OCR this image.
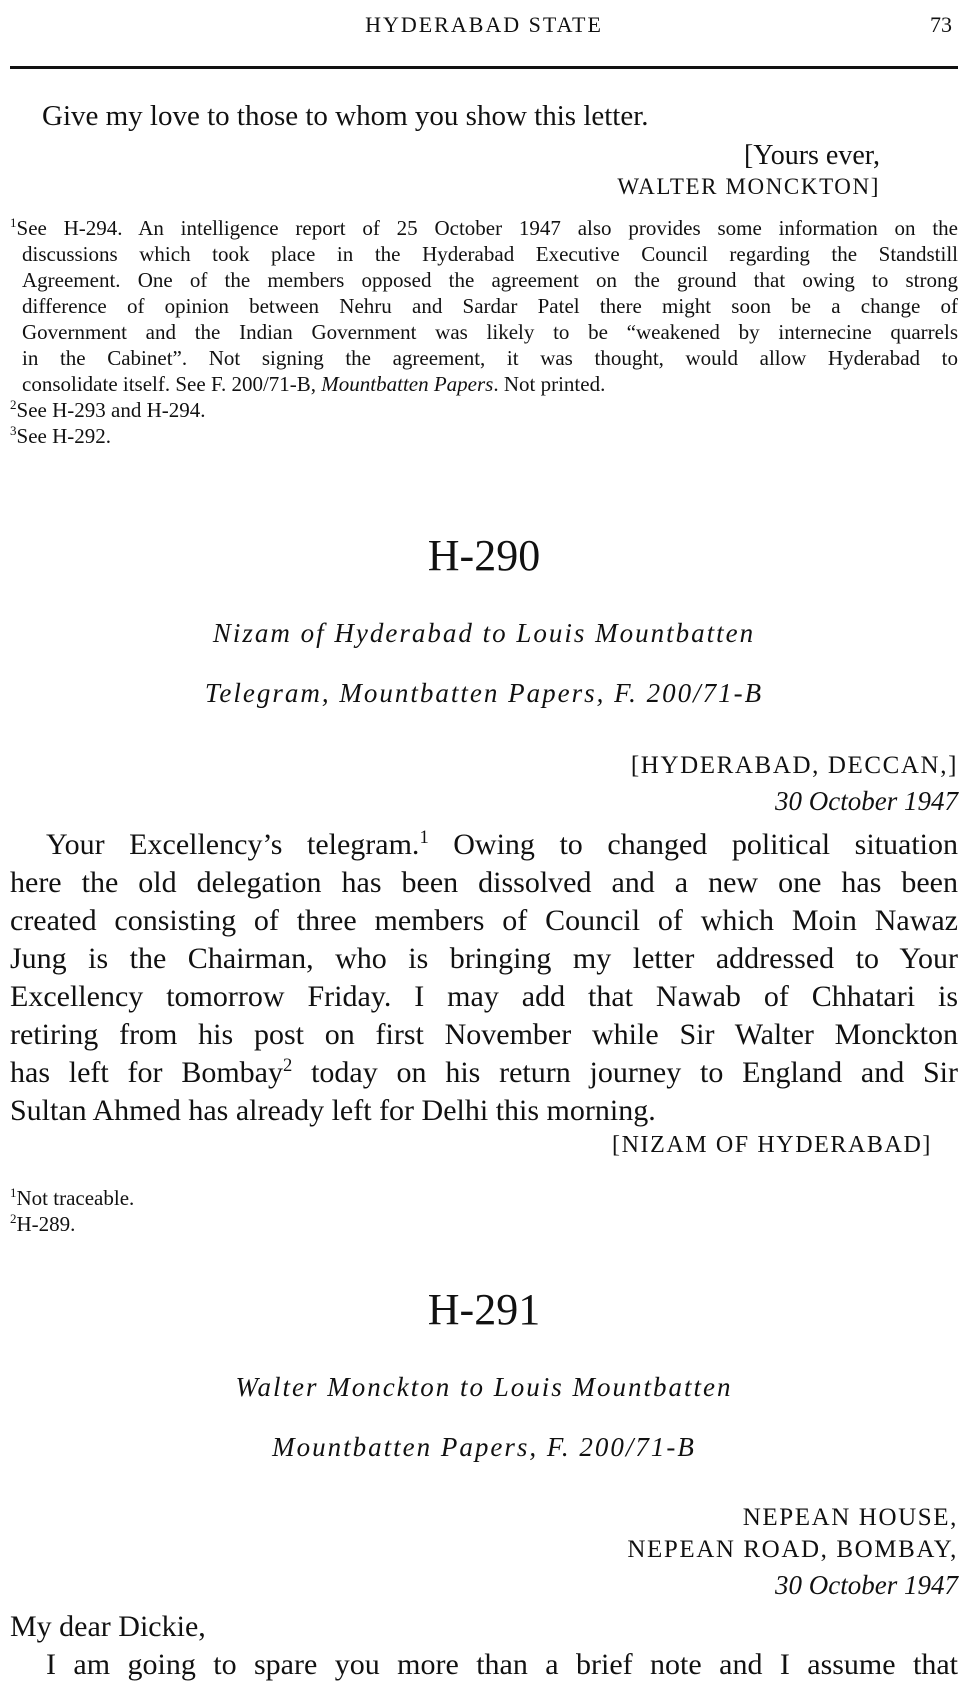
HYDERABAD STATE	73
Give my love to those to whom you show this letter.
[Yours ever,
WALTER MONCKTON]
$^1$See H-294. An intelligence report of 25 October 1947 also provides some information on the
discussions which took place in the Hyderabad Executive Council regarding the Standstill
Agreement. One of the members opposed the agreement on the ground that owing to strong
difference of opinion between Nehru and Sardar Patel there might soon be a change of
Government and the Indian Government was likely to be “weakened by internecine quarrels
in the Cabinet”. Not signing the agreement, it was thought, would allow Hyderabad to
consolidate itself. See F. 200/71-B, Mountbatten Papers. Not printed.
$^2$See H-293 and H-294.
$^3$See H-292.
H-290
Nizam of Hyderabad to Louis Mountbatten
Telegram, Mountbatten Papers, F. 200/71-B
[HYDERABAD, DECCAN,]
30 October 1947
Your Excellency’s telegram.$^1$ Owing to changed political situation
here the old delegation has been dissolved and a new one has been
created consisting of three members of Council of which Moin Nawaz
Jung is the Chairman, who is bringing my letter addressed to Your
Excellency tomorrow Friday. I may add that Nawab of Chhatari is
retiring from his post on first November while Sir Walter Monckton
has left for Bombay$^2$ today on his return journey to England and Sir
Sultan Ahmed has already left for Delhi this morning.
[NIZAM OF HYDERABAD]
$^1$Not traceable.
$^2$H-289.
H-291
Walter Monckton to Louis Mountbatten
Mountbatten Papers, F. 200/71-B
NEPEAN HOUSE,
NEPEAN ROAD, BOMBAY,
30 October 1947
My dear Dickie,
I am going to spare you more than a brief note and I assume that
